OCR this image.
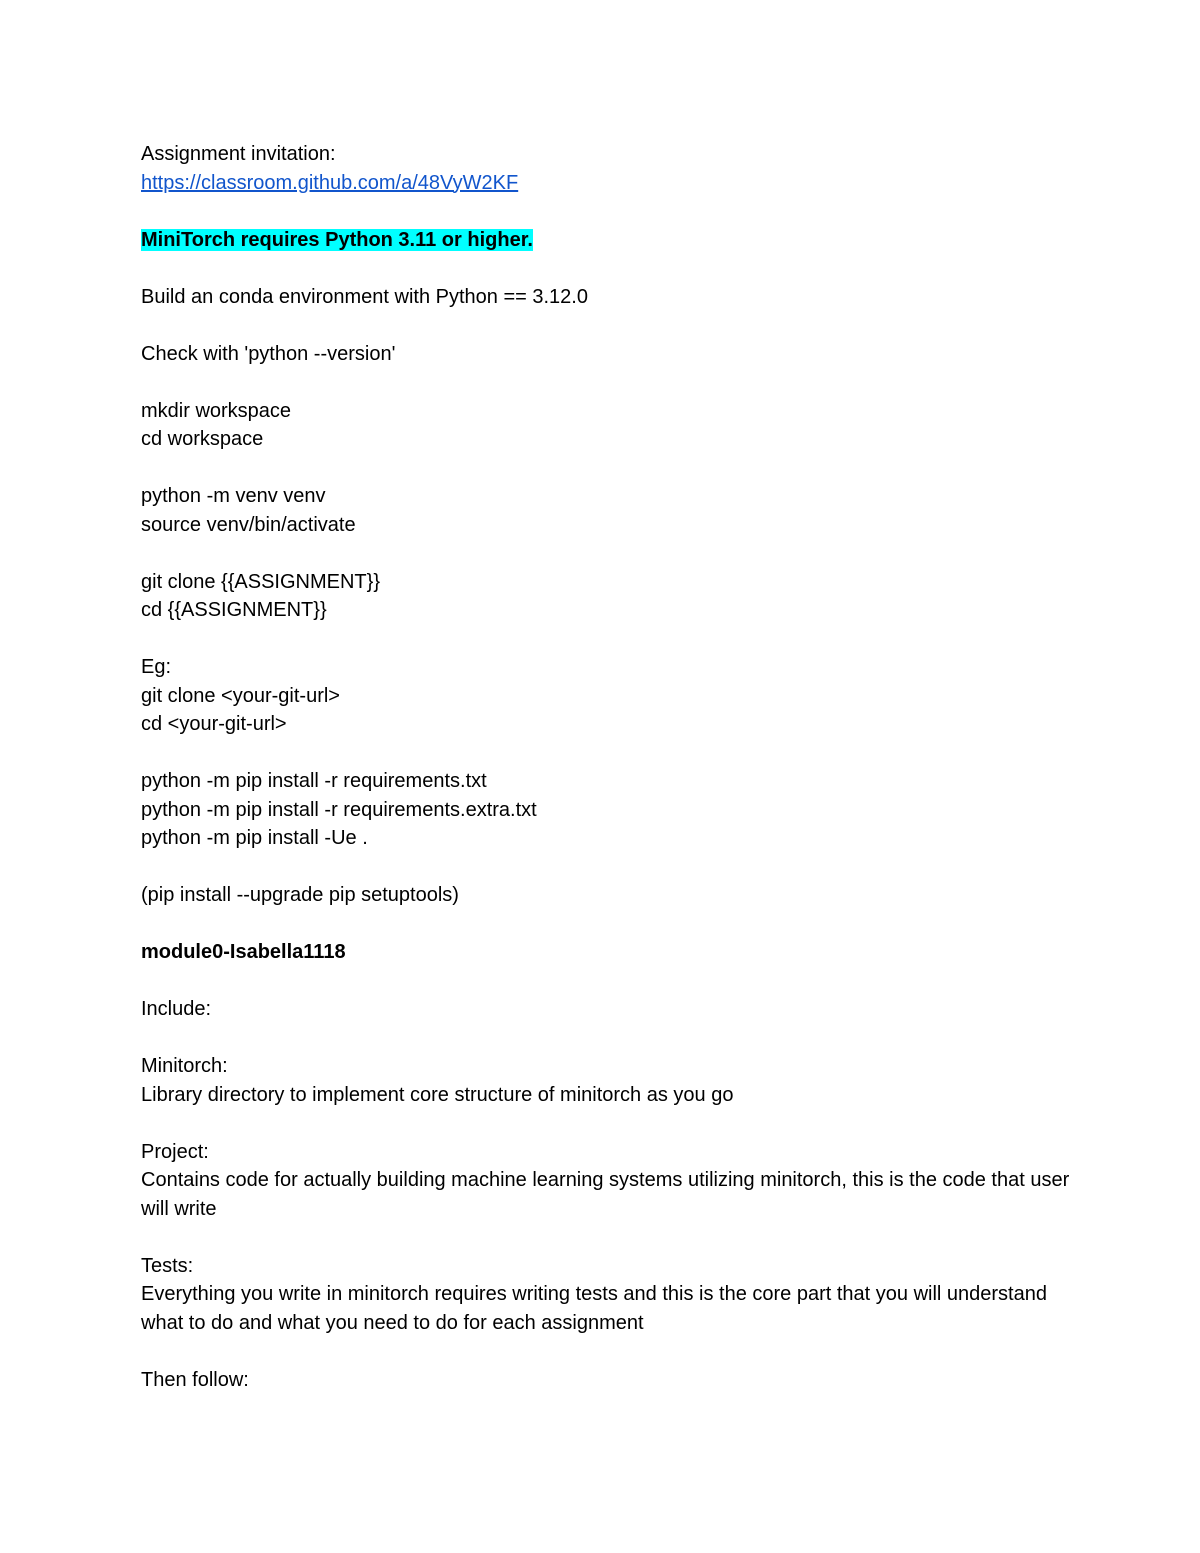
Assignment invitation:
https://classroom.github.com/a/48VyW2KF
MiniTorch requires Python 3.11 or higher.
Build an conda environment with Python == 3.12.0
Check with 'python --version'
mkdir workspace
cd workspace
python -m venv venv
source venv/bin/activate
git clone {{ASSIGNMENT}}
cd {{ASSIGNMENT}}
Eg:
git clone <your-git-url>
cd <your-git-url>
python -m pip install -r requirements.txt
python -m pip install -r requirements.extra.txt
python -m pip install -Ue .
(pip install --upgrade pip setuptools)
module0-Isabella1118
Include:
Minitorch:
Library directory to implement core structure of minitorch as you go
Project:
Contains code for actually building machine learning systems utilizing minitorch, this is the code that user will write
Tests:
Everything you write in minitorch requires writing tests and this is the core part that you will understand what to do and what you need to do for each assignment
Then follow:
